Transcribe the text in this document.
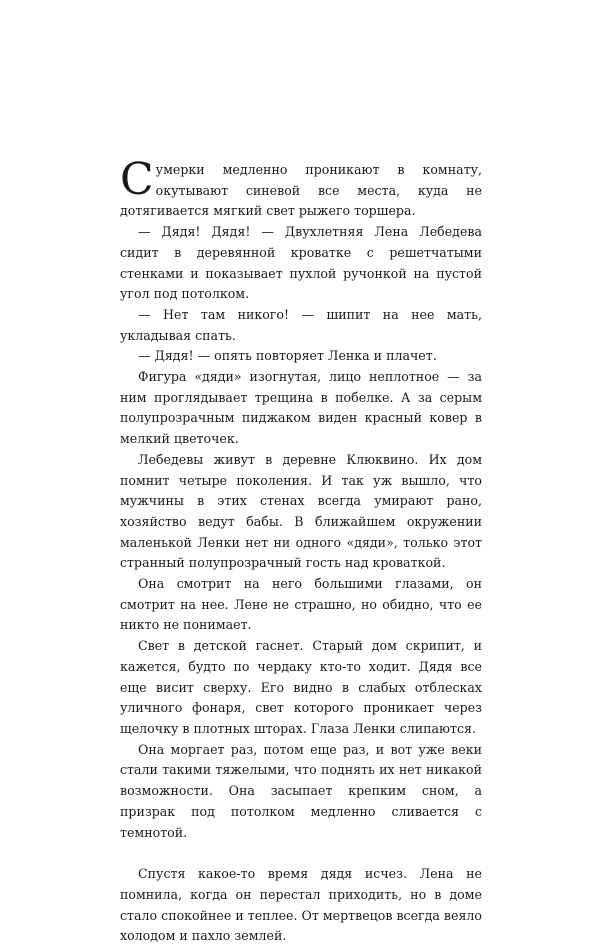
Сумерки медленно проникают в комнату, окутывают синевой все места, куда не дотягивается мягкий свет рыжего торшера.

— Дядя! Дядя! — Двухлетняя Лена Лебедева сидит в деревянной кроватке с решетчатыми стенками и показывает пухлой ручонкой на пустой угол под потолком.

— Нет там никого! — шипит на нее мать, укладывая спать.

— Дядя! — опять повторяет Ленка и плачет.

Фигура «дяди» изогнутая, лицо неплотное — за ним проглядывает трещина в побелке. А за серым полупрозрачным пиджаком виден красный ковер в мелкий цветочек.

Лебедевы живут в деревне Клюквино. Их дом помнит четыре поколения. И так уж вышло, что мужчины в этих стенах всегда умирают рано, хозяйство ведут бабы. В ближайшем окружении маленькой Ленки нет ни одного «дяди», только этот странный полупрозрачный гость над кроваткой.

Она смотрит на него большими глазами, он смотрит на нее. Лене не страшно, но обидно, что ее никто не понимает.

Свет в детской гаснет. Старый дом скрипит, и кажется, будто по чердаку кто-то ходит. Дядя все еще висит сверху. Его видно в слабых отблесках уличного фонаря, свет которого проникает через щелочку в плотных шторах. Глаза Ленки слипаются.

Она моргает раз, потом еще раз, и вот уже веки стали такими тяжелыми, что поднять их нет никакой возможности. Она засыпает крепким сном, а призрак под потолком медленно сливается с темнотой.

Спустя какое-то время дядя исчез. Лена не помнила, когда он перестал приходить, но в доме стало спокойнее и теплее. От мертвецов всегда веяло холодом и пахло землей.
